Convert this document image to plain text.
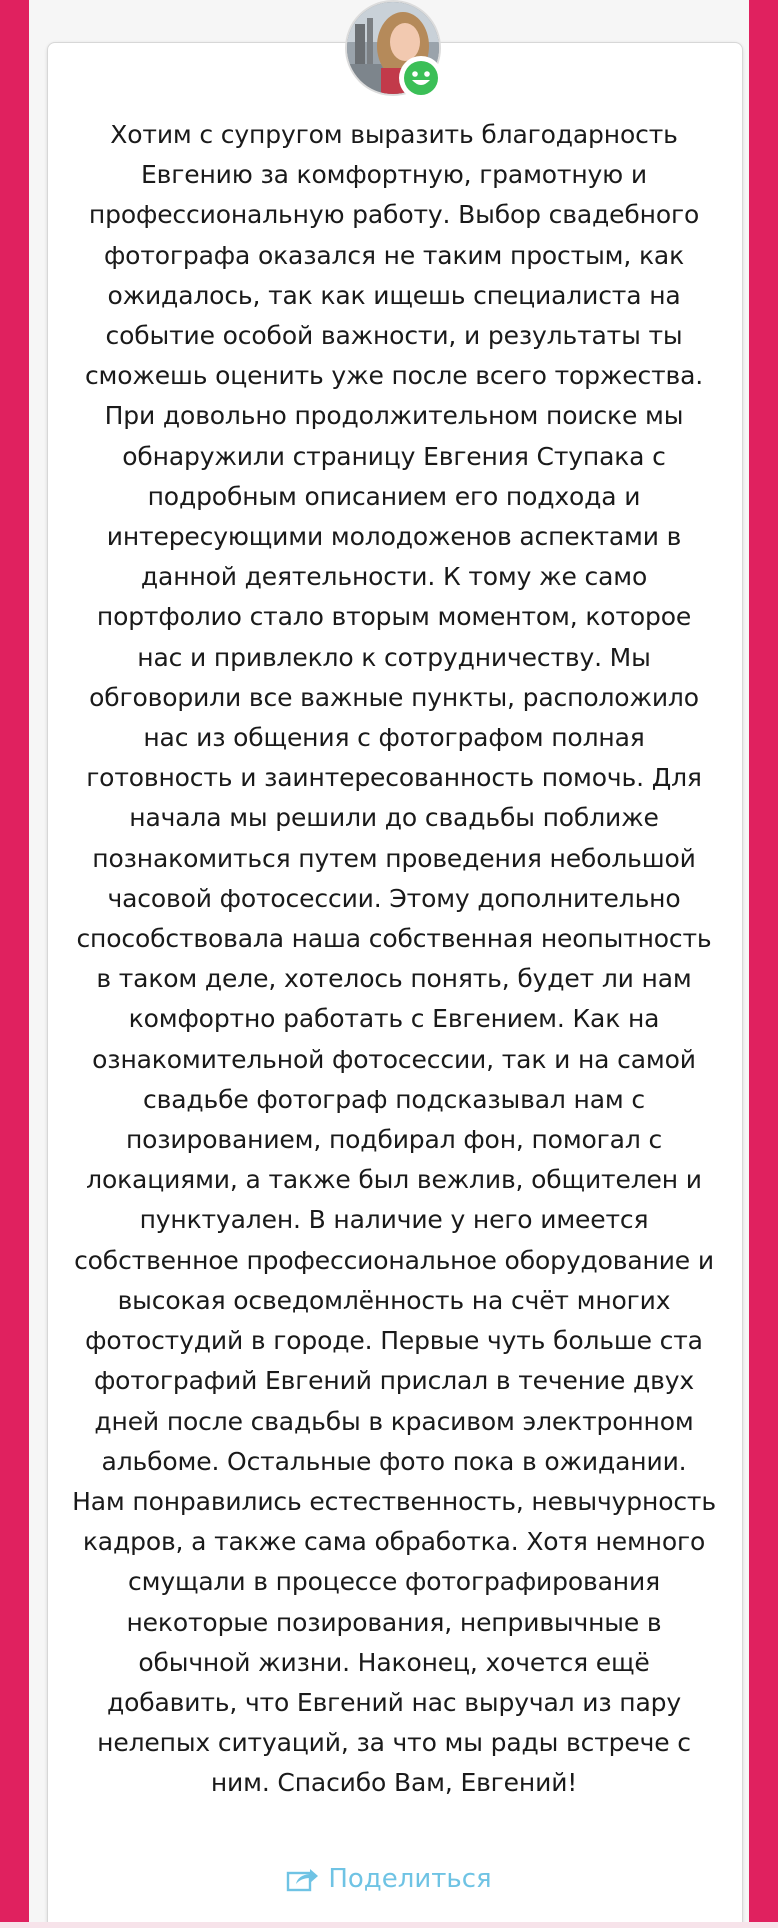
Хотим с супругом выразить благодарность Евгению за комфортную, грамотную и профессиональную работу. Выбор свадебного фотографа оказался не таким простым, как ожидалось, так как ищешь специалиста на событие особой важности, и результаты ты сможешь оценить уже после всего торжества. При довольно продолжительном поиске мы обнаружили страницу Евгения Ступака с подробным описанием его подхода и интересующими молодоженов аспектами в данной деятельности. К тому же само портфолио стало вторым моментом, которое нас и привлекло к сотрудничеству. Мы обговорили все важные пункты, расположило нас из общения с фотографом полная готовность и заинтересованность помочь. Для начала мы решили до свадьбы поближе познакомиться путем проведения небольшой часовой фотосессии. Этому дополнительно способствовала наша собственная неопытность в таком деле, хотелось понять, будет ли нам комфортно работать с Евгением. Как на ознакомительной фотосессии, так и на самой свадьбе фотограф подсказывал нам с позированием, подбирал фон, помогал с локациями, а также был вежлив, общителен и пунктуален. В наличие у него имеется собственное профессиональное оборудование и высокая осведомлённость на счёт многих фотостудий в городе. Первые чуть больше ста фотографий Евгений прислал в течение двух дней после свадьбы в красивом электронном альбоме. Остальные фото пока в ожидании. Нам понравились естественность, невычурность кадров, а также сама обработка. Хотя немного смущали в процессе фотографирования некоторые позирования, непривычные в обычной жизни. Наконец, хочется ещё добавить, что Евгений нас выручал из пару нелепых ситуаций, за что мы рады встрече с ним. Спасибо Вам, Евгений!

Поделиться
